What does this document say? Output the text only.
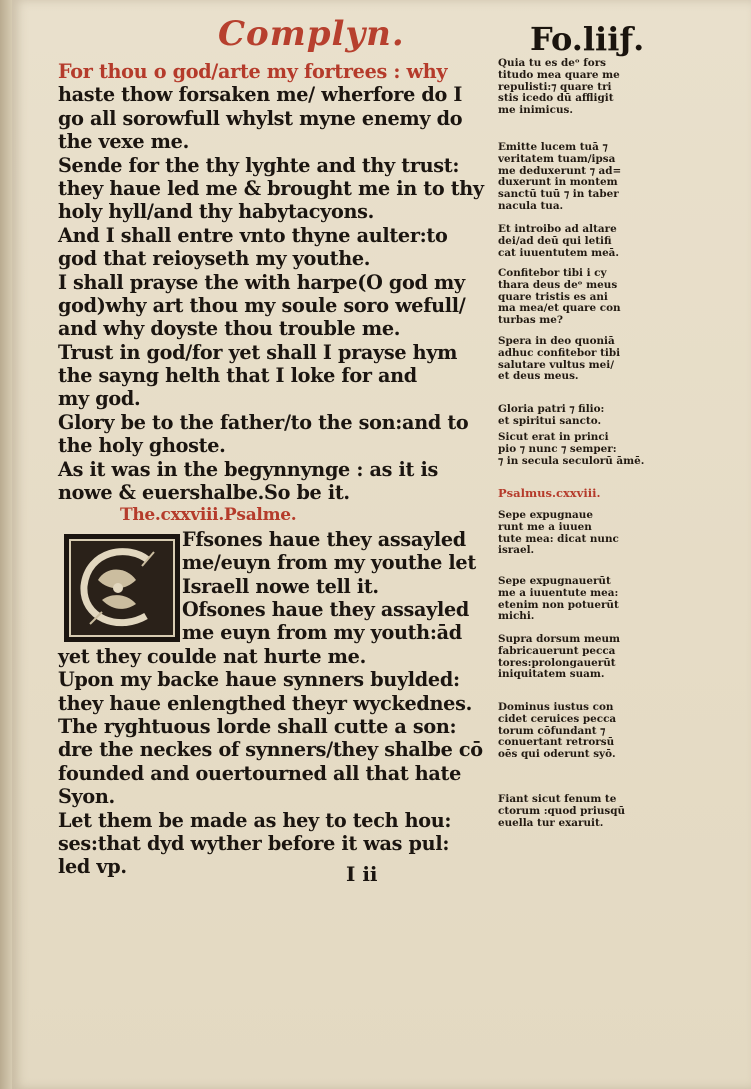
Complyn.	Fo.liiƒ.
For thou o god/arte my fortrees : why
haste thow forsaken me/ wherfore do I
go all sorowfull whylst myne enemy do
the vexe me.
Sende for the thy lyghte and thy trust:
they haue led me & brought me in to thy
holy hyll/and thy habytacyons.
And I shall entre vnto thyne aulter:to
god that reioyseth my youthe.
I shall prayse the with harpe(O god my
god)why art thou my soule soro wefull/
and why doyste thou trouble me.
Trust in god/for yet shall I prayse hym
the sayng helth that I loke for and
my god.
Glory be to the father/to the son:and to
the holy ghoste.
As it was in the begynnynge : as it is
nowe & euershalbe.So be it.
The.cxxviii.Psalme.
Ffsones haue they assayled
me/euyn from my youthe let
Israell nowe tell it.
Ofsones haue they assayled
me euyn from my youth:ād
yet they coulde nat hurte me.
Upon my backe haue synners buylded:
they haue enlengthed theyr wyckednes.
The ryghtuous lorde shall cutte a son:
dre the neckes of synners/they shalbe cō
founded and ouertourned all that hate
Syon.
Let them be made as hey to tech hou:
ses:that dyd wyther before it was pul:
led vp.
Quia tu es deᵒ fors
titudo mea quare me
repulisti:⁊ quare tri
stis icedo dū affligit
me inimicus.
Emitte lucem tuā ⁊
veritatem tuam/ipsa
me deduxerunt ⁊ ad=
duxerunt in montem
sanctū tuū ⁊ in taber
nacula tua.
Et introibo ad altare
dei/ad deū qui letifi
cat iuuentutem meā.
Confitebor tibi i cy
thara deus deᵒ meus
quare tristis es ani
ma mea/et quare con
turbas me?
Spera in deo quoniā
adhuc confitebor tibi
salutare vultus mei/
et deus meus.
Gloria patri ⁊ filio:
et spiritui sancto.
Sicut erat in princi
pio ⁊ nunc ⁊ semper:
⁊ in secula seculorū āmē.
Psalmus.cxxviii.
Sepe expugnaue
runt me a iuuen
tute mea: dicat nunc
israel.
Sepe expugnauerūt
me a iuuentute mea:
etenim non potuerūt
michi.
Supra dorsum meum
fabricauerunt pecca
tores:prolongauerūt
iniquitatem suam.
Dominus iustus con
cidet ceruices pecca
torum cōfundant ⁊
conuertant retrorsū
oēs qui oderunt syō.
Fiant sicut fenum te
ctorum :quod priusqū
euella tur exaruit.
I ii
